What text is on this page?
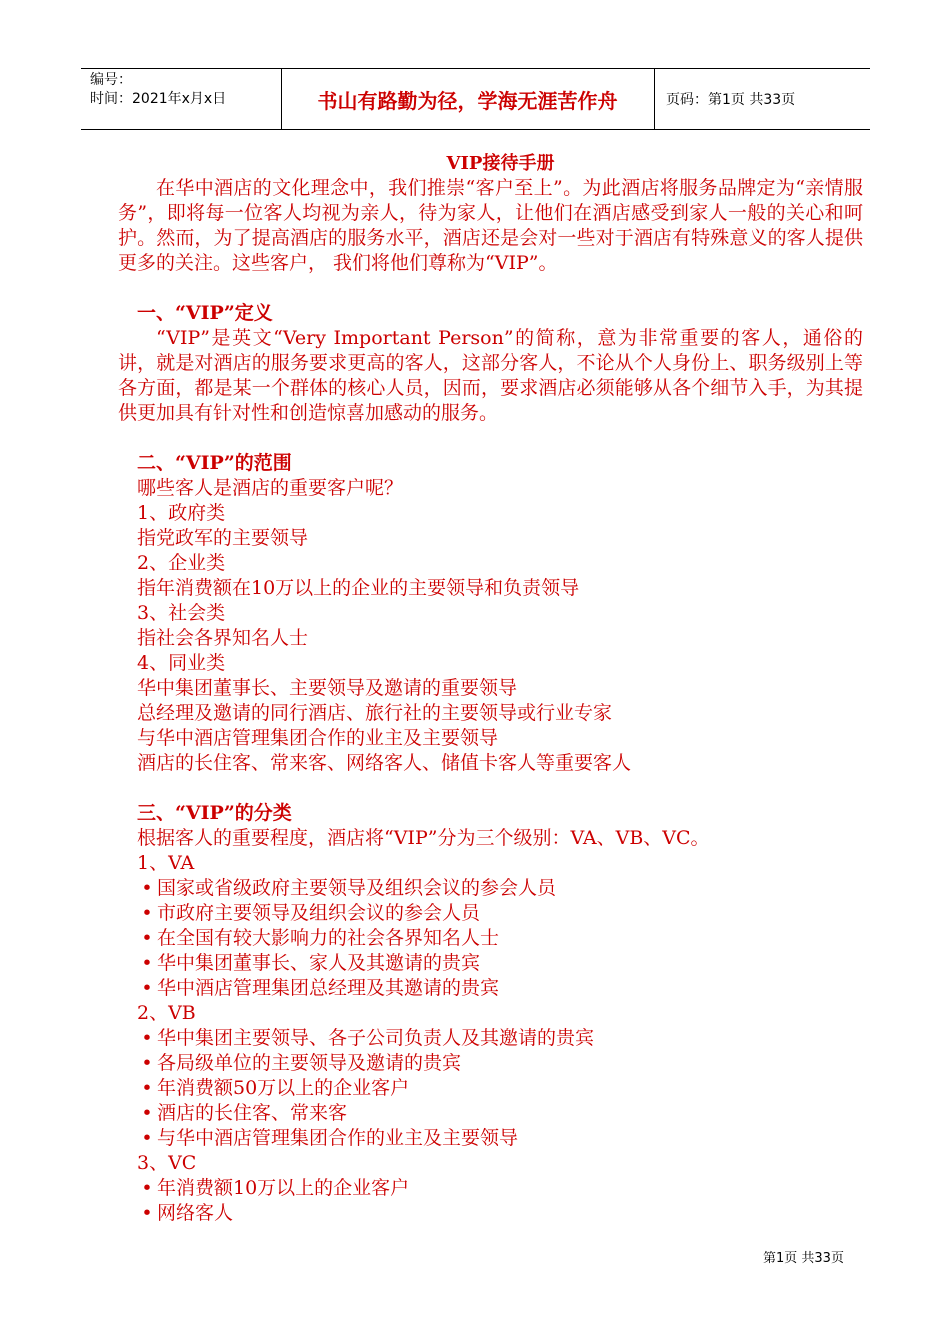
编号：
时间：2021年x月x日	书山有路勤为径，学海无涯苦作舟	页码：第1页 共33页
VIP接待手册

在华中酒店的文化理念中，我们推崇“客户至上”。为此酒店将服务品牌定为“亲情服务”，即将每一位客人均视为亲人，待为家人，让他们在酒店感受到家人一般的关心和呵护。然而，为了提高酒店的服务水平，酒店还是会对一些对于酒店有特殊意义的客人提供更多的关注。这些客户， 我们将他们尊称为“VIP”。

一、“VIP”定义

“VIP”是英文“Very Important Person”的简称，意为非常重要的客人，通俗的讲，就是对酒店的服务要求更高的客人，这部分客人，不论从个人身份上、职务级别上等各方面，都是某一个群体的核心人员，因而，要求酒店必须能够从各个细节入手，为其提供更加具有针对性和创造惊喜加感动的服务。

二、“VIP”的范围
哪些客人是酒店的重要客户呢？
1、政府类
指党政军的主要领导
2、企业类
指年消费额在10万以上的企业的主要领导和负责领导
3、社会类
指社会各界知名人士
4、同业类
华中集团董事长、主要领导及邀请的重要领导
总经理及邀请的同行酒店、旅行社的主要领导或行业专家
与华中酒店管理集团合作的业主及主要领导
酒店的长住客、常来客、网络客人、储值卡客人等重要客人
三、“VIP”的分类
根据客人的重要程度，酒店将“VIP”分为三个级别：VA、VB、VC。
1、VA
• 国家或省级政府主要领导及组织会议的参会人员
• 市政府主要领导及组织会议的参会人员
• 在全国有较大影响力的社会各界知名人士
• 华中集团董事长、家人及其邀请的贵宾
• 华中酒店管理集团总经理及其邀请的贵宾
2、VB
• 华中集团主要领导、各子公司负责人及其邀请的贵宾
• 各局级单位的主要领导及邀请的贵宾
• 年消费额50万以上的企业客户
• 酒店的长住客、常来客
• 与华中酒店管理集团合作的业主及主要领导
3、VC
• 年消费额10万以上的企业客户
• 网络客人
第1页 共33页
